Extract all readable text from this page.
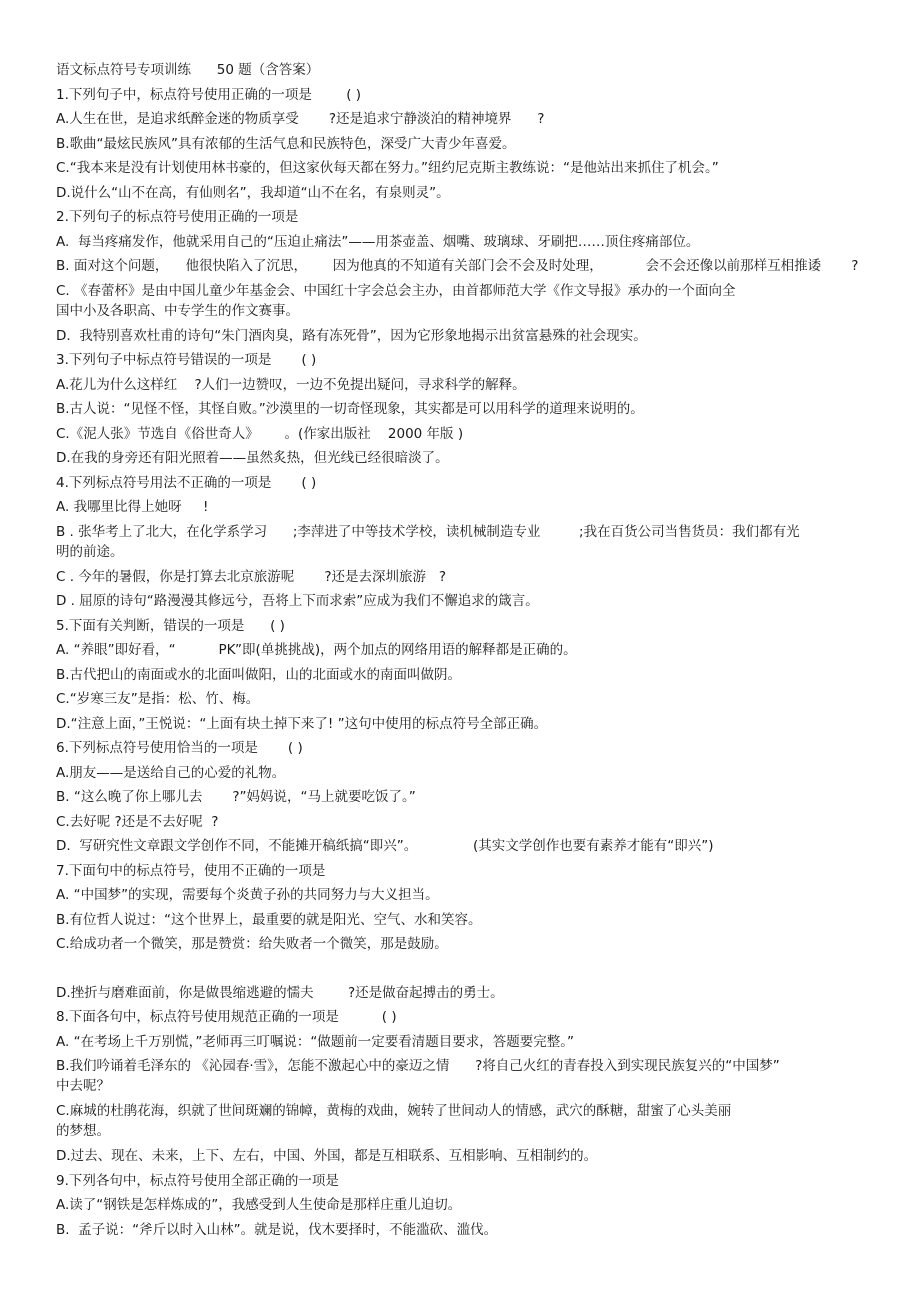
语文标点符号专项训练      50 题（含答案）
1.下列句子中，标点符号使用正确的一项是        ( )
A.人生在世，是追求纸醉金迷的物质享受       ?还是追求宁静淡泊的精神境界      ?
B.歌曲“最炫民族风”具有浓郁的生活气息和民族特色，深受广大青少年喜爱。
C.“我本来是没有计划使用林书豪的，但这家伙每天都在努力。”纽约尼克斯主教练说：“是他站出来抓住了机会。”
D.说什么“山不在高，有仙则名”，我却道“山不在名，有泉则灵”。
2.下列句子的标点符号使用正确的一项是
A.  每当疼痛发作，他就采用自己的“压迫止痛法”——用茶壶盖、烟嘴、玻璃球、牙刷把……顶住疼痛部位。
B. 面对这个问题，    他很快陷入了沉思，      因为他真的不知道有关部门会不会及时处理，          会不会还像以前那样互相推诿       ?
C. 《春蕾杯》是由中国儿童少年基金会、中国红十字会总会主办，由首都师范大学《作文导报》承办的一个面向全
国中小及各职高、中专学生的作文赛事。
D.  我特别喜欢杜甫的诗句“朱门酒肉臭，路有冻死骨”，因为它形象地揭示出贫富悬殊的社会现实。
3.下列句子中标点符号错误的一项是       ( )
A.花儿为什么这样红    ?人们一边赞叹，一边不免提出疑问，寻求科学的解释。
B.古人说：“见怪不怪，其怪自败。”沙漠里的一切奇怪现象，其实都是可以用科学的道理来说明的。
C.《泥人张》节选自《俗世奇人》      。(作家出版社    2000 年版 )
D.在我的身旁还有阳光照着——虽然炙热，但光线已经很暗淡了。
4.下列标点符号用法不正确的一项是       ( )
A. 我哪里比得上她呀     !
B . 张华考上了北大，在化学系学习      ;李萍进了中等技术学校，读机械制造专业         ;我在百货公司当售货员：我们都有光
明的前途。
C . 今年的暑假，你是打算去北京旅游呢       ?还是去深圳旅游   ?
D . 屈原的诗句“路漫漫其修远兮，吾将上下而求索”应成为我们不懈追求的箴言。
5.下面有关判断，错误的一项是      ( )
A. “养眼”即好看，“          PK”即(单挑挑战)，两个加点的网络用语的解释都是正确的。
B.古代把山的南面或水的北面叫做阳，山的北面或水的南面叫做阴。
C.“岁寒三友”是指：松、竹、梅。
D.“注意上面，”王悦说：“上面有块土掉下来了! ”这句中使用的标点符号全部正确。
6.下列标点符号使用恰当的一项是       ( )
A.朋友——是送给自己的心爱的礼物。
B. “这么晚了你上哪儿去       ?”妈妈说，“马上就要吃饭了。”
C.去好呢 ?还是不去好呢  ?
D.  写研究性文章跟文学创作不同，不能摊开稿纸搞“即兴”。             (其实文学创作也要有素养才能有“即兴”)
7.下面句中的标点符号，使用不正确的一项是
A. “中国梦”的实现，需要每个炎黄子孙的共同努力与大义担当。
B.有位哲人说过：“这个世界上，最重要的就是阳光、空气、水和笑容。
C.给成功者一个微笑，那是赞赏：给失败者一个微笑，那是鼓励。
D.挫折与磨难面前，你是做畏缩逃避的懦夫        ?还是做奋起搏击的勇士。
8.下面各句中，标点符号使用规范正确的一项是          ( )
A. “在考场上千万别慌，”老师再三叮嘱说：“做题前一定要看清题目要求，答题要完整。”
B.我们吟诵着毛泽东的 《沁园春·雪》，怎能不激起心中的豪迈之情      ?将自己火红的青春投入到实现民族复兴的“中国梦”
中去呢？
C.麻城的杜鹃花海，织就了世间斑斓的锦幛，黄梅的戏曲，婉转了世间动人的情感，武穴的酥糖，甜蜜了心头美丽
的梦想。
D.过去、现在、未来，上下、左右，中国、外国，都是互相联系、互相影响、互相制约的。
9.下列各句中，标点符号使用全部正确的一项是
A.读了“钢铁是怎样炼成的”，我感受到人生使命是那样庄重儿迫切。
B.  孟子说：“斧斤以时入山林”。就是说，伐木要择时，不能滥砍、滥伐。
